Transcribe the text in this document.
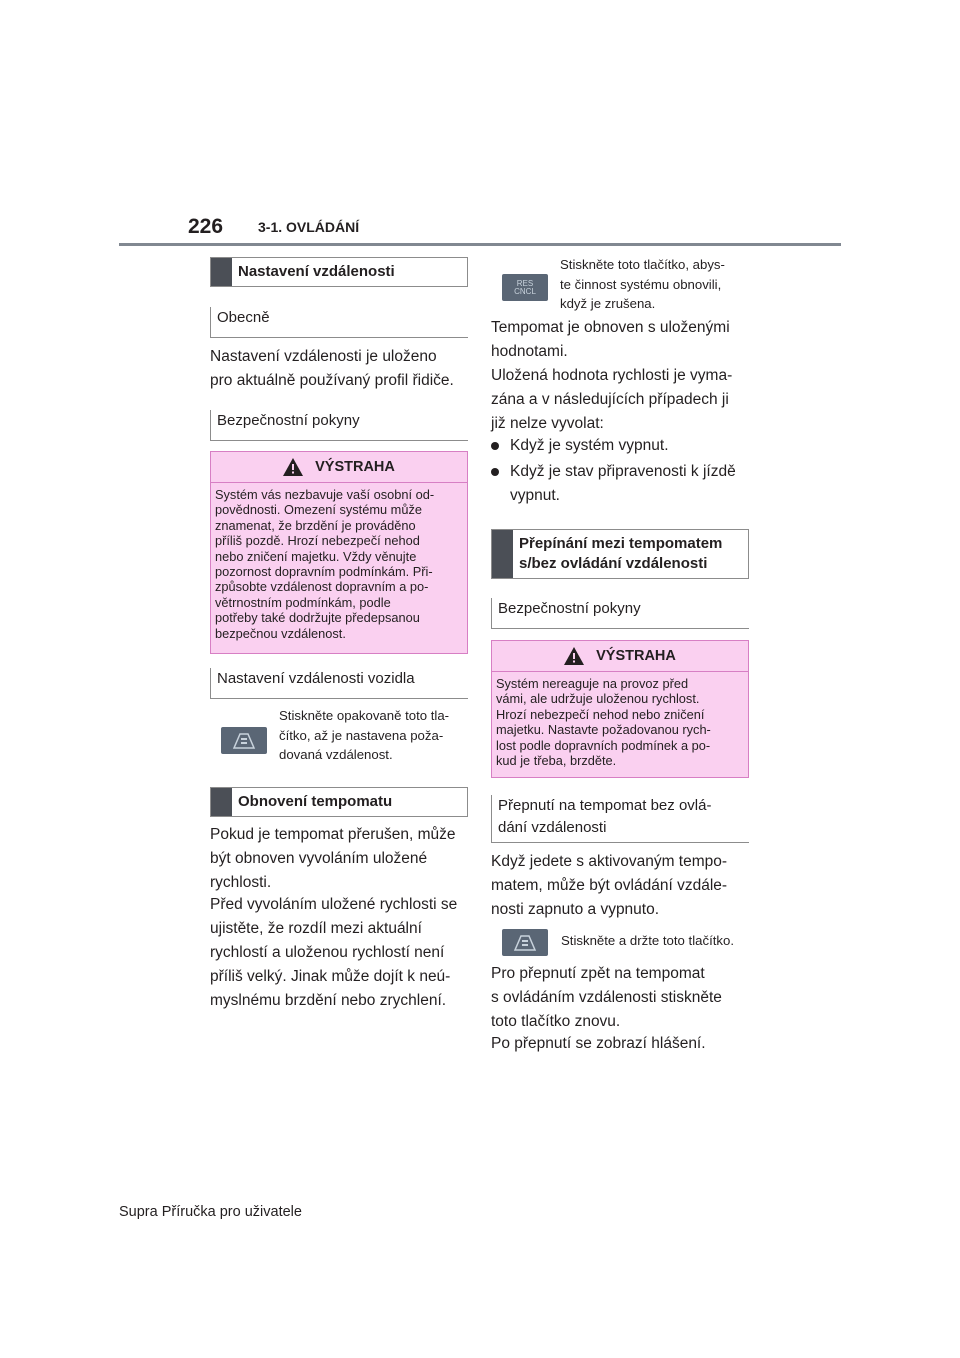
226 3-1. OVLÁDÁNÍ
Nastavení vzdálenosti
Obecně
Nastavení vzdálenosti je uloženo
pro aktuálně používaný profil řidiče.
Bezpečnostní pokyny
VÝSTRAHA
Systém vás nezbavuje vaší osobní od-
povědnosti. Omezení systému může
znamenat, že brzdění je prováděno
příliš pozdě. Hrozí nebezpečí nehod
nebo zničení majetku. Vždy věnujte
pozornost dopravním podmínkám. Při-
způsobte vzdálenost dopravním a po-
větrnostním podmínkám, podle
potřeby také dodržujte předepsanou
bezpečnou vzdálenost.
Nastavení vzdálenosti vozidla
Stiskněte opakovaně toto tla-
čítko, až je nastavena poža-
dovaná vzdálenost.
Obnovení tempomatu
Pokud je tempomat přerušen, může
být obnoven vyvoláním uložené
rychlosti.
Před vyvoláním uložené rychlosti se
ujistěte, že rozdíl mezi aktuální
rychlostí a uloženou rychlostí není
příliš velký. Jinak může dojít k neú-
myslnému brzdění nebo zrychlení.
RES
CNCL
Stiskněte toto tlačítko, abys-
te činnost systému obnovili,
když je zrušena.
Tempomat je obnoven s uloženými
hodnotami.
Uložená hodnota rychlosti je vyma-
zána a v následujících případech ji
již nelze vyvolat:
Když je systém vypnut.
Když je stav připravenosti k jízdě
vypnut.
Přepínání mezi tempomatem
s/bez ovládání vzdálenosti
Bezpečnostní pokyny
VÝSTRAHA
Systém nereaguje na provoz před
vámi, ale udržuje uloženou rychlost.
Hrozí nebezpečí nehod nebo zničení
majetku. Nastavte požadovanou rych-
lost podle dopravních podmínek a po-
kud je třeba, brzděte.
Přepnutí na tempomat bez ovlá-
dání vzdálenosti
Když jedete s aktivovaným tempo-
matem, může být ovládání vzdále-
nosti zapnuto a vypnuto.
Stiskněte a držte toto tlačítko.
Pro přepnutí zpět na tempomat
s ovládáním vzdálenosti stiskněte
toto tlačítko znovu.
Po přepnutí se zobrazí hlášení.
Supra Příručka pro uživatele
